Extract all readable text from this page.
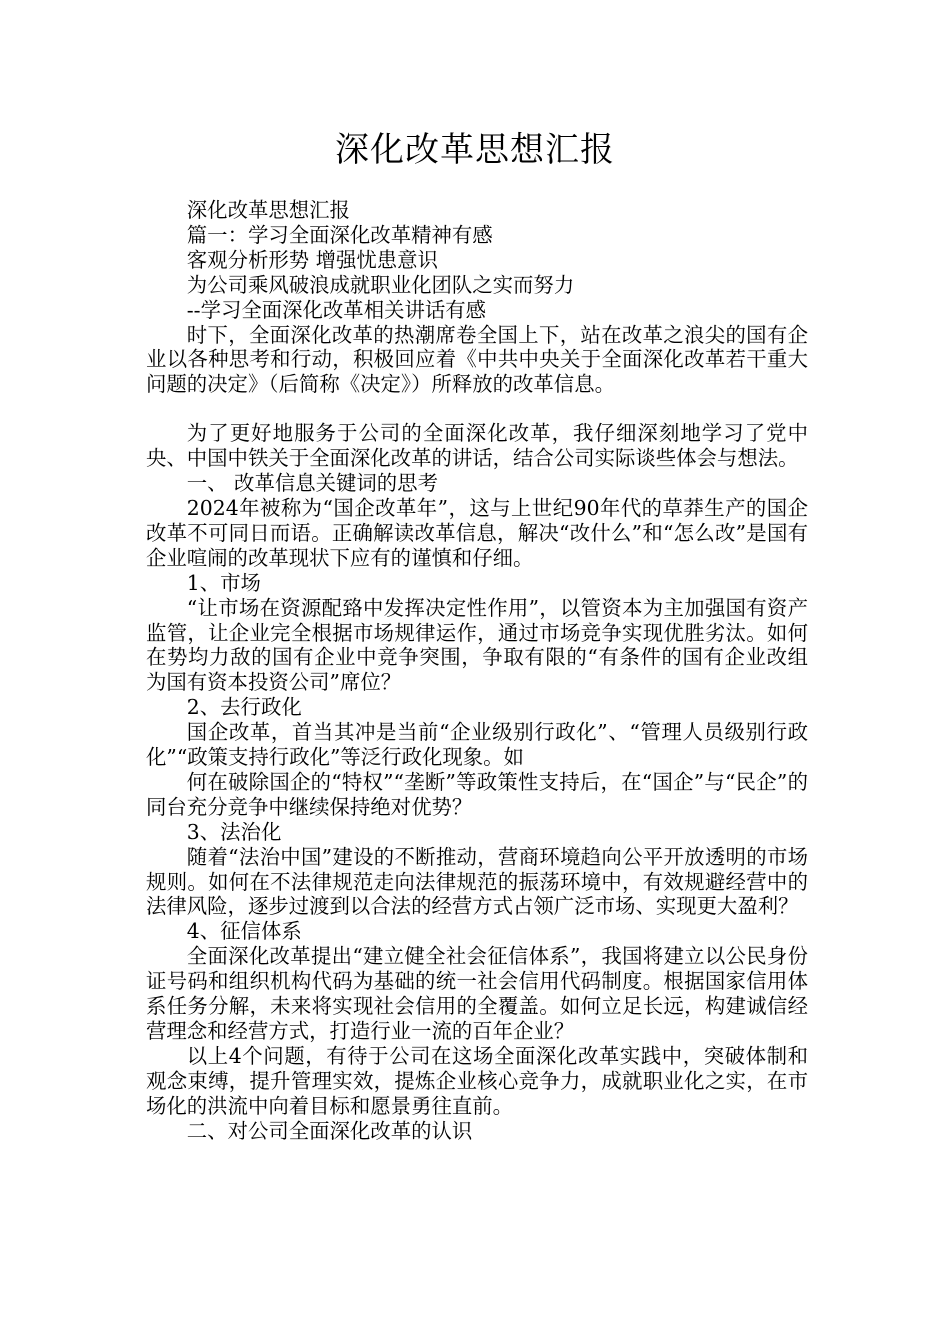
深化改革思想汇报

深化改革思想汇报

篇一：学习全面深化改革精神有感

客观分析形势 增强忧患意识

为公司乘风破浪成就职业化团队之实而努力

--学习全面深化改革相关讲话有感

时下，全面深化改革的热潮席卷全国上下，站在改革之浪尖的国有企业以各种思考和行动，积极回应着《中共中央关于全面深化改革若干重大问题的决定》（后简称《决定》）所释放的改革信息。

为了更好地服务于公司的全面深化改革，我仔细深刻地学习了党中央、中国中铁关于全面深化改革的讲话，结合公司实际谈些体会与想法。

一、 改革信息关键词的思考

2024年被称为“国企改革年”，这与上世纪90年代的草莽生产的国企改革不可同日而语。正确解读改革信息，解决“改什么”和“怎么改”是国有企业喧闹的改革现状下应有的谨慎和仔细。

1、市场

“让市场在资源配臵中发挥决定性作用”，以管资本为主加强国有资产监管，让企业完全根据市场规律运作，通过市场竞争实现优胜劣汰。如何在势均力敌的国有企业中竞争突围，争取有限的“有条件的国有企业改组为国有资本投资公司”席位？

2、去行政化

国企改革，首当其冲是当前“企业级别行政化”、“管理人员级别行政化”“政策支持行政化”等泛行政化现象。如

何在破除国企的“特权”“垄断”等政策性支持后，在“国企”与“民企”的同台充分竞争中继续保持绝对优势？

3、法治化

随着“法治中国”建设的不断推动，营商环境趋向公平开放透明的市场规则。如何在不法律规范走向法律规范的振荡环境中，有效规避经营中的法律风险，逐步过渡到以合法的经营方式占领广泛市场、实现更大盈利？

4、征信体系

全面深化改革提出“建立健全社会征信体系”，我国将建立以公民身份证号码和组织机构代码为基础的统一社会信用代码制度。根据国家信用体系任务分解，未来将实现社会信用的全覆盖。如何立足长远，构建诚信经营理念和经营方式，打造行业一流的百年企业？

以上4个问题，有待于公司在这场全面深化改革实践中，突破体制和观念束缚，提升管理实效，提炼企业核心竞争力，成就职业化之实，在市场化的洪流中向着目标和愿景勇往直前。

二、对公司全面深化改革的认识
